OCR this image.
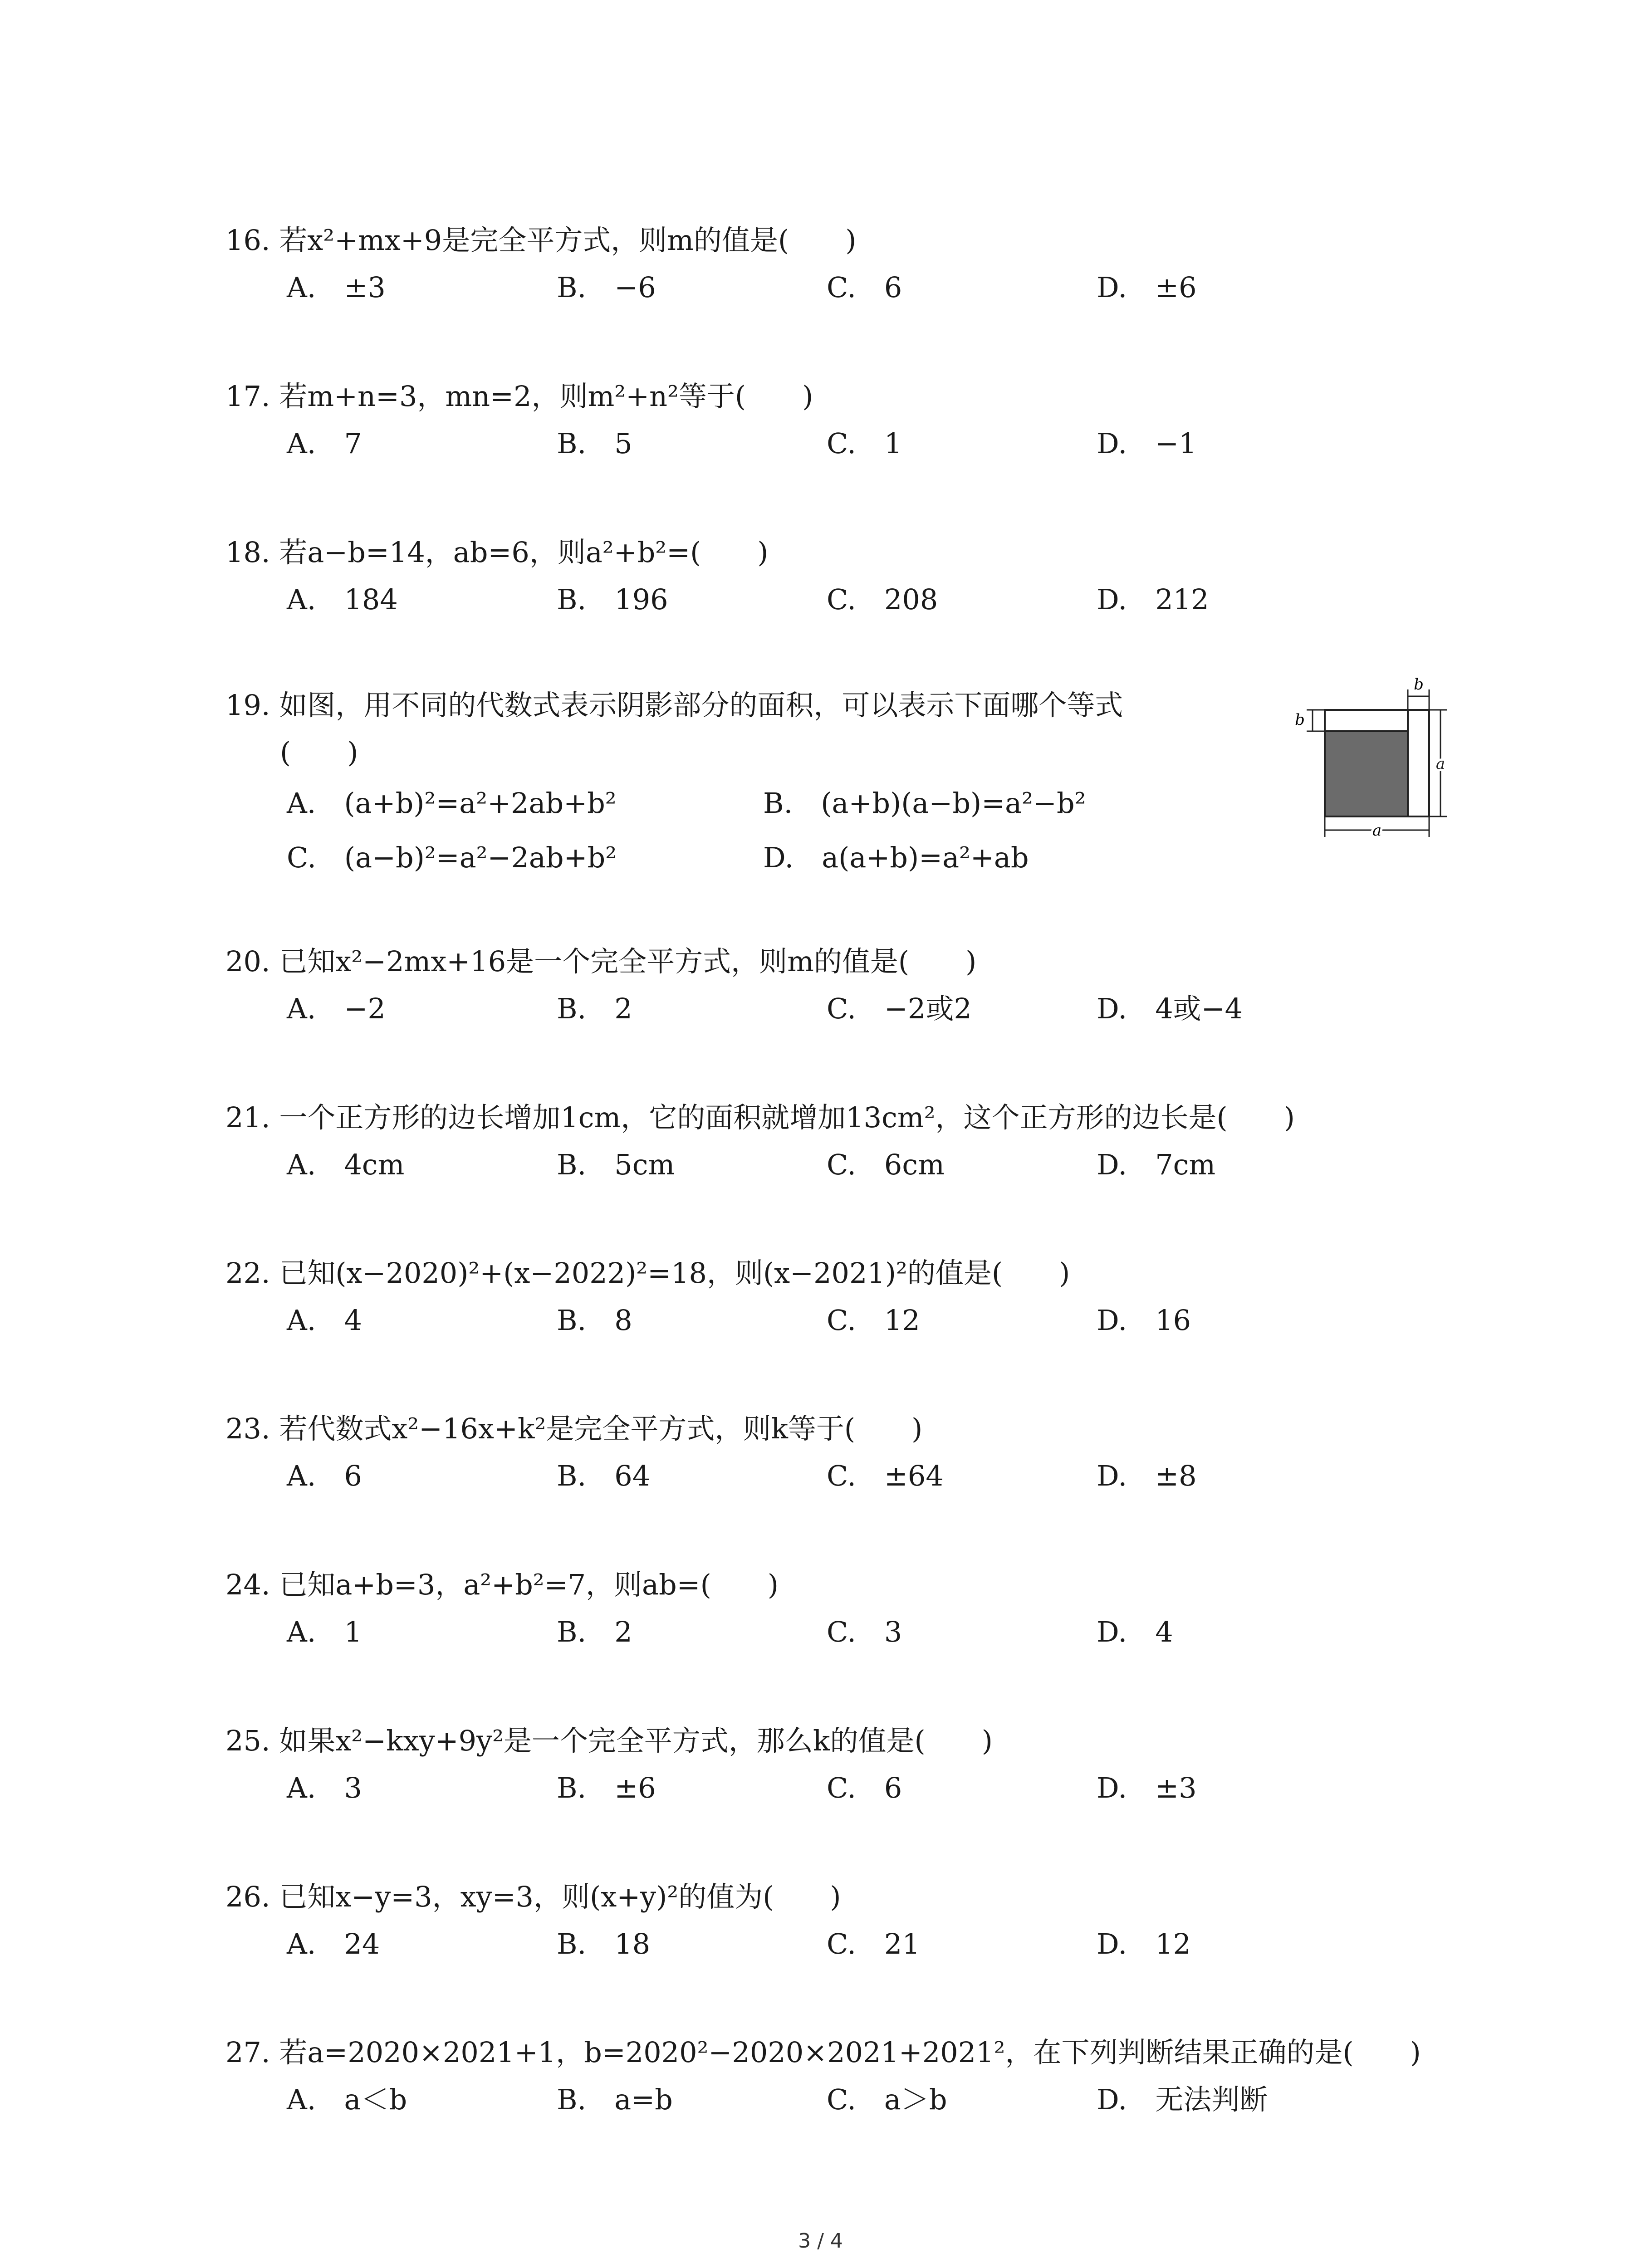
16. 若x²+mx+9是完全平方式，则m的值是(　　)
A.　±3	B.　−6	C.　6	D.　±6
17. 若m+n=3，mn=2，则m²+n²等于(　　)
A.　7	B.　5	C.　1	D.　−1
18. 若a−b=14，ab=6，则a²+b²=(　　)
A.　184	B.　196	C.　208	D.　212
19. 如图，用不同的代数式表示阴影部分的面积，可以表示下面哪个等式
(　　)
A.　(a+b)²=a²+2ab+b²	B.　(a+b)(a−b)=a²−b²
C.　(a−b)²=a²−2ab+b²	D.　a(a+b)=a²+ab
b
b
a
a
20. 已知x²−2mx+16是一个完全平方式，则m的值是(　　)
A.　−2	B.　2	C.　−2或2	D.　4或−4
21. 一个正方形的边长增加1cm，它的面积就增加13cm²，这个正方形的边长是(　　)
A.　4cm	B.　5cm	C.　6cm	D.　7cm
22. 已知(x−2020)²+(x−2022)²=18，则(x−2021)²的值是(　　)
A.　4	B.　8	C.　12	D.　16
23. 若代数式x²−16x+k²是完全平方式，则k等于(　　)
A.　6	B.　64	C.　±64	D.　±8
24. 已知a+b=3，a²+b²=7，则ab=(　　)
A.　1	B.　2	C.　3	D.　4
25. 如果x²−kxy+9y²是一个完全平方式，那么k的值是(　　)
A.　3	B.　±6	C.　6	D.　±3
26. 已知x−y=3，xy=3，则(x+y)²的值为(　　)
A.　24	B.　18	C.　21	D.　12
27. 若a=2020×2021+1，b=2020²−2020×2021+2021²，在下列判断结果正确的是(　　)
A.　a＜b	B.　a=b	C.　a＞b	D.　无法判断
3 / 4
